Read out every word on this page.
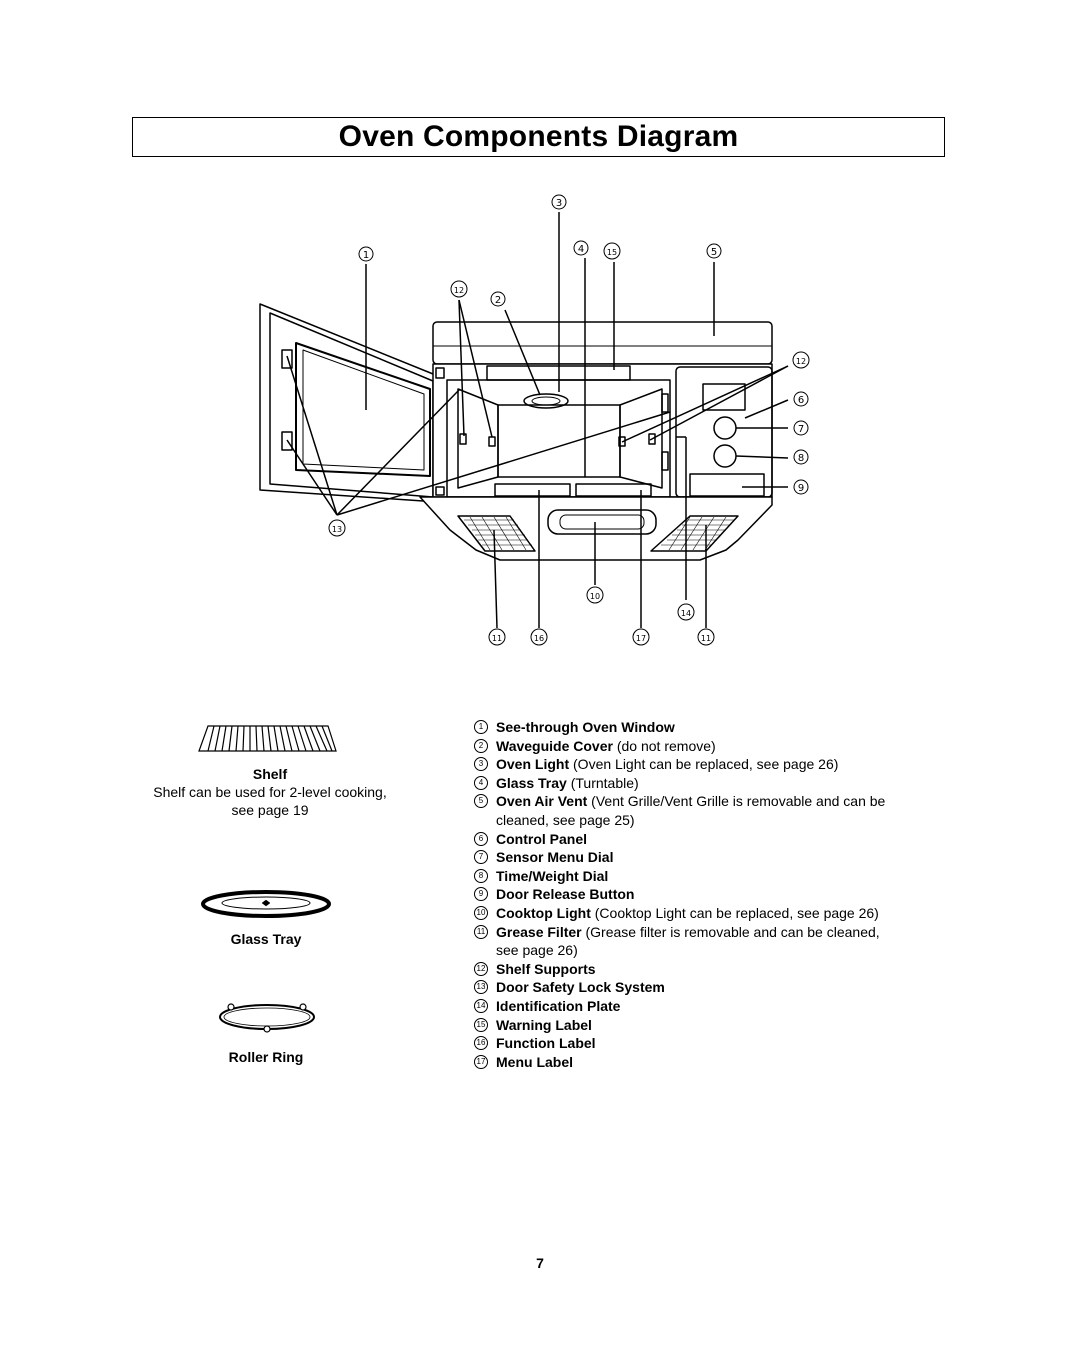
Oven Components Diagram
1
3
4	15	5
12
2
12
6
7
8
9
13
10
14
11	16	17	11
Shelf
Shelf can be used for 2-level cooking,
see page 19
Glass Tray
Roller Ring
1 See-through Oven Window
2 Waveguide Cover (do not remove)
3 Oven Light (Oven Light can be replaced, see page 26)
4 Glass Tray (Turntable)
5 Oven Air Vent (Vent Grille/Vent Grille is removable and can be
cleaned, see page 25)
6 Control Panel
7 Sensor Menu Dial
8 Time/Weight Dial
9 Door Release Button
10 Cooktop Light (Cooktop Light can be replaced, see page 26)
11 Grease Filter (Grease filter is removable and can be cleaned,
see page 26)
12 Shelf Supports
13 Door Safety Lock System
14 Identification Plate
15 Warning Label
16 Function Label
17 Menu Label
7
